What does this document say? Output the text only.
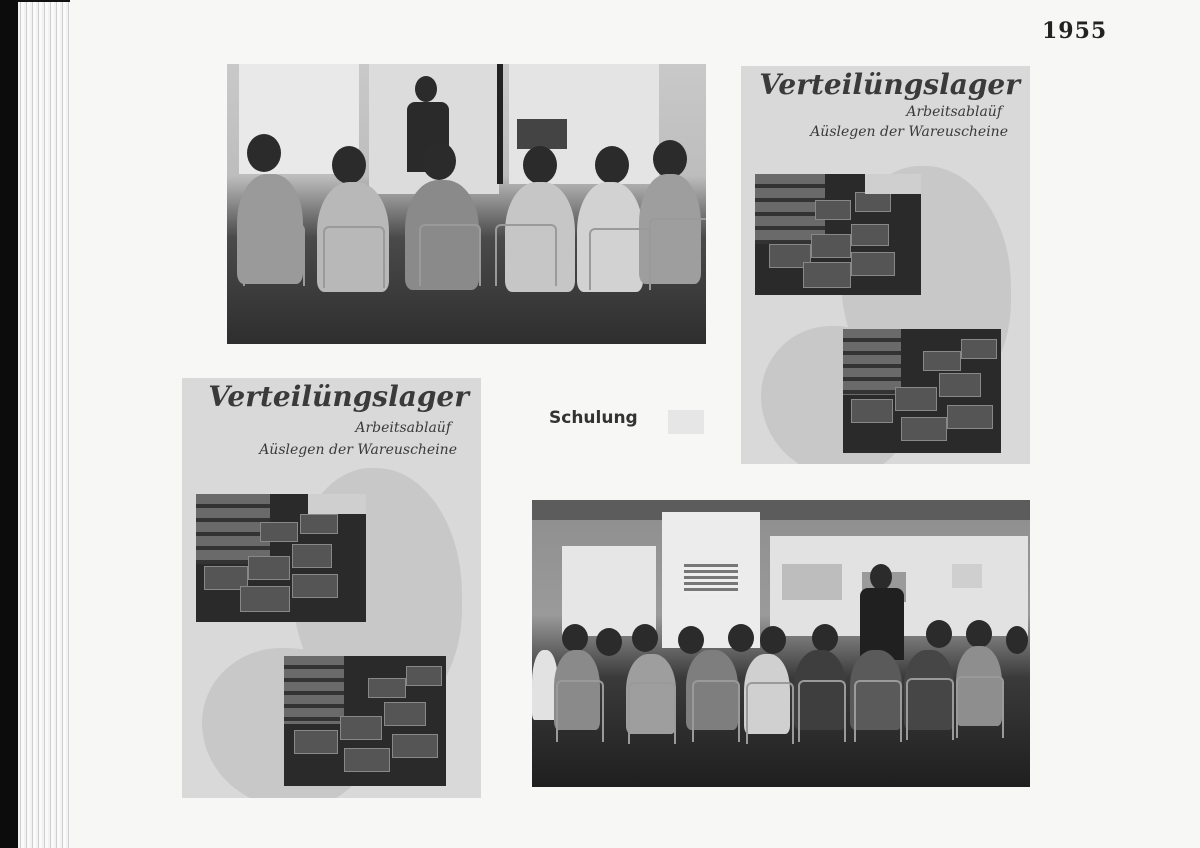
1955
Verteilüngslager

Arbeitsablaüf

Aüslegen der Wareuscheine

Verteilüngslager

Arbeitsablaüf

Aüslegen der Wareuscheine

Schulung
